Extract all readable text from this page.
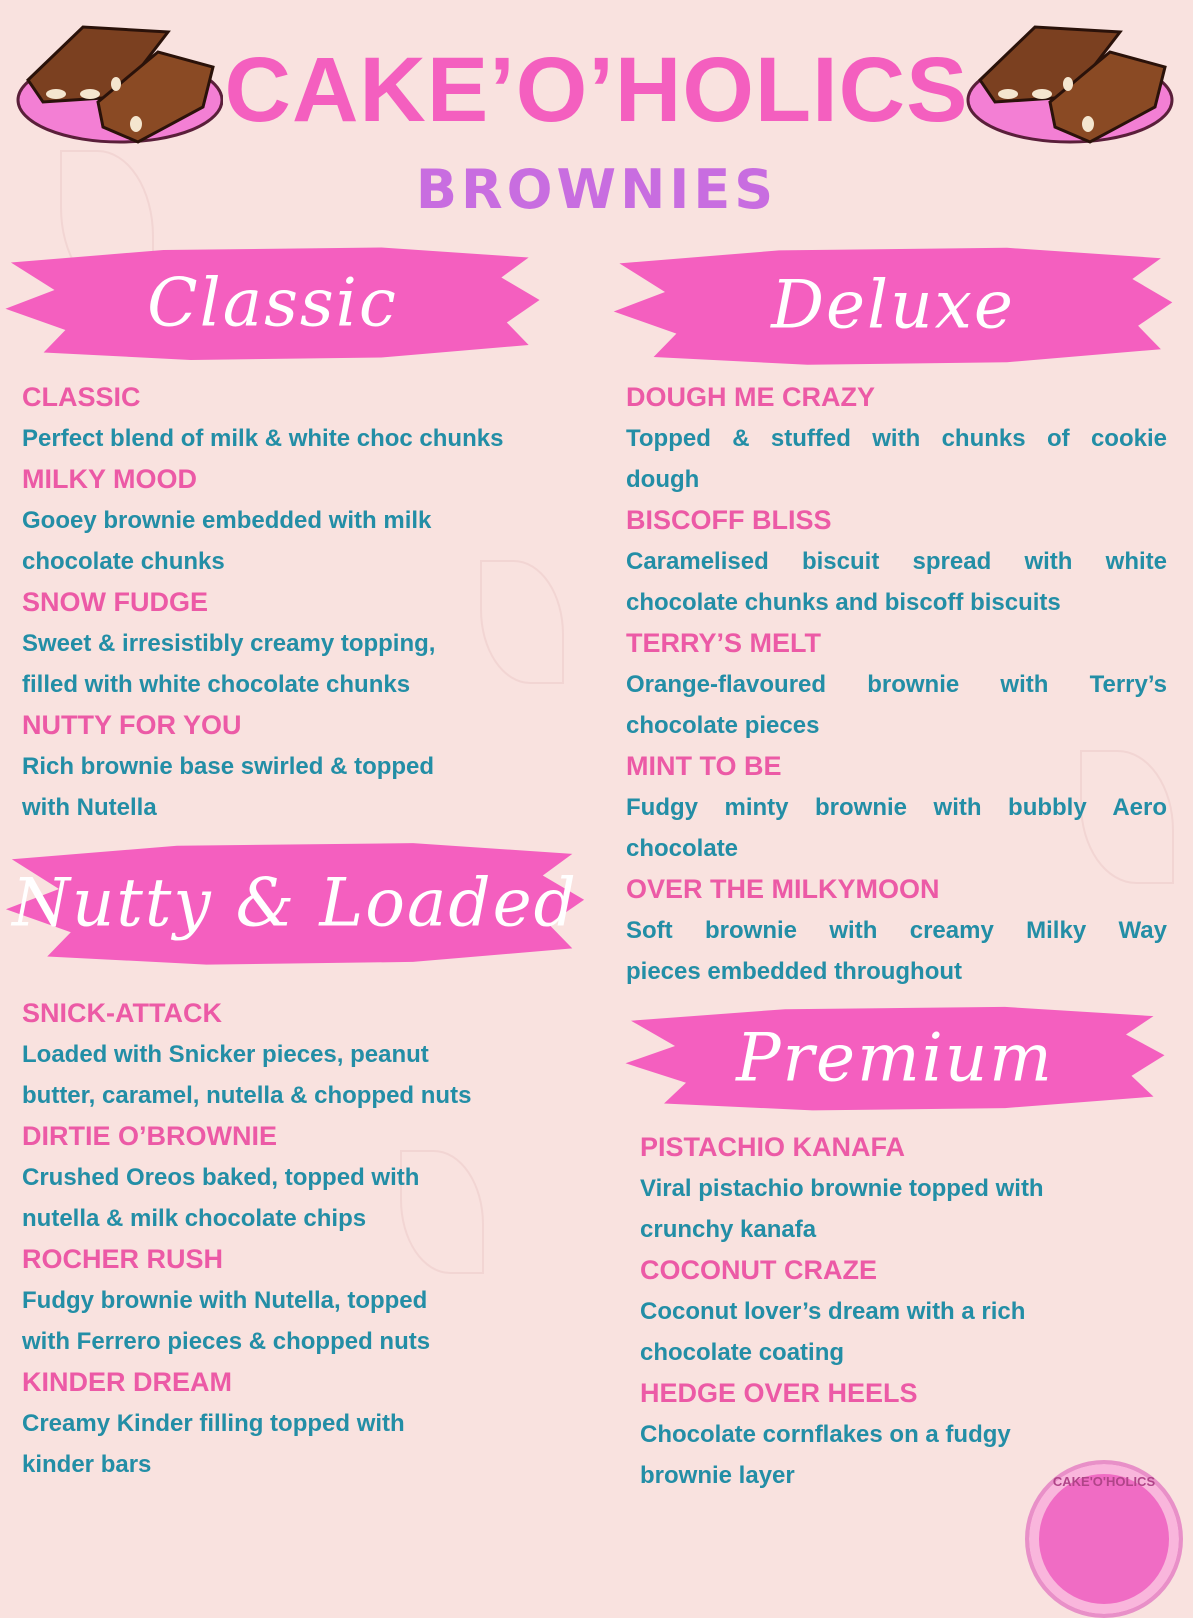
CAKE’O’HOLICS
BROWNIES
Classic
CLASSIC
Perfect blend of milk & white choc chunks
MILKY MOOD
Gooey brownie embedded with milk
chocolate chunks
SNOW FUDGE
Sweet & irresistibly creamy topping,
filled with white chocolate chunks
NUTTY FOR YOU
Rich brownie base swirled & topped
with Nutella
Nutty & Loaded
SNICK-ATTACK
Loaded with Snicker pieces, peanut
butter, caramel, nutella & chopped nuts
DIRTIE O’BROWNIE
Crushed Oreos baked, topped with
nutella & milk chocolate chips
ROCHER RUSH
Fudgy brownie with Nutella, topped
with Ferrero pieces & chopped nuts
KINDER DREAM
Creamy Kinder filling topped with
kinder bars
Deluxe
DOUGH ME CRAZY
Topped & stuffed with chunks of cookie
dough
BISCOFF BLISS
Caramelised biscuit spread with white
chocolate chunks and biscoff biscuits
TERRY’S MELT
Orange-flavoured brownie with Terry’s
chocolate pieces
MINT TO BE
Fudgy minty brownie with bubbly Aero
chocolate
OVER THE MILKYMOON
Soft brownie with creamy Milky Way
pieces embedded throughout
Premium
PISTACHIO KANAFA
Viral pistachio brownie topped with
crunchy kanafa
COCONUT CRAZE
Coconut lover’s dream with a rich
chocolate coating
HEDGE OVER HEELS
Chocolate cornflakes on a fudgy
brownie layer	CAKE'O'HOLICS
